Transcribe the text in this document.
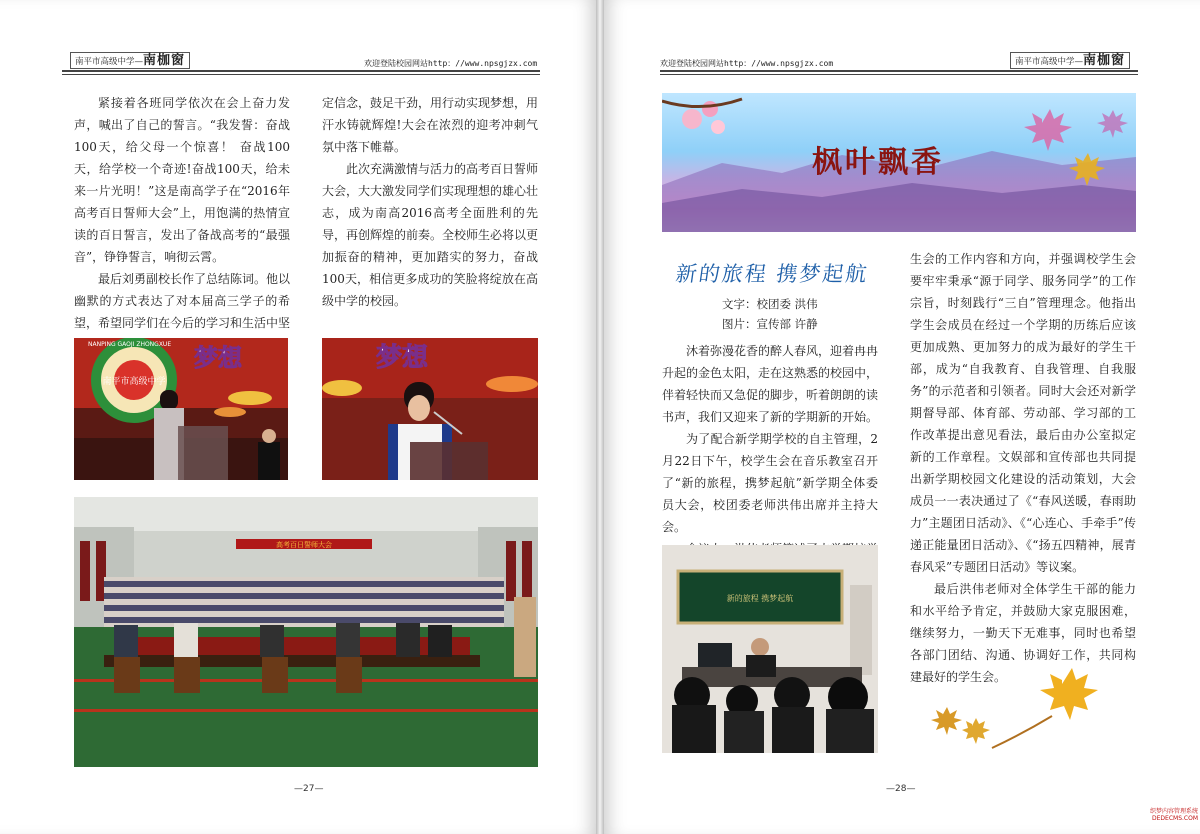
南平市高级中学—南枷窗	欢迎登陆校园网站http：//www.npsgjzx.com

紧接着各班同学依次在会上奋力发声，喊出了自己的誓言。“我发誓：奋战100天，给父母一个惊喜！ 奋战100天，给学校一个奇迹!奋战100天，给未来一片光明！”这是南高学子在“2016年高考百日誓师大会”上，用饱满的热情宣读的百日誓言，发出了备战高考的“最强音”，铮铮誓言，响彻云霄。

最后刘勇副校长作了总结陈词。他以幽默的方式表达了对本届高三学子的希望，希望同学们在今后的学习和生活中坚

定信念，鼓足干劲，用行动实现梦想，用汗水铸就辉煌!大会在浓烈的迎考冲刺气氛中落下帷幕。

此次充满激情与活力的高考百日誓师大会，大大激发同学们实现理想的雄心壮志，成为南高2016高考全面胜利的先导，再创辉煌的前奏。全校师生必将以更加振奋的精神，更加踏实的努力，奋战100天，相信更多成功的笑脸将绽放在高级中学的校园。

南平市高级中学
NANPING GAOJI ZHONGXUE 梦想	梦想
高考百日誓师大会
—27—
欢迎登陆校园网站http：//www.npsgjzx.com	南平市高级中学—南枷窗
枫叶飘香
新的旅程 携梦起航
文字：校团委 洪伟
图片：宣传部 许静

沐着弥漫花香的醉人春风，迎着冉冉升起的金色太阳，走在这熟悉的校园中，伴着轻快而又急促的脚步，听着朗朗的读书声，我们又迎来了新的学期新的开始。

为了配合新学期学校的自主管理，2月22日下午，校学生会在音乐教室召开了“新的旅程，携梦起航”新学期全体委员大会，校团委老师洪伟出席并主持大会。

生会的工作内容和方向，并强调校学生会要牢牢秉承“源于同学、服务同学”的工作宗旨，时刻践行“三自”管理理念。他指出学生会成员在经过一个学期的历练后应该更加成熟、更加努力的成为最好的学生干部，成为“自我教育、自我管理、自我服务”的示范者和引领者。同时大会还对新学期督导部、体育部、劳动部、学习部的工作改革提出意见看法，最后由办公室拟定新的工作章程。文娱部和宣传部也共同提出新学期校园文化建设的活动策划，大会成员一一表决通过了《“春风送暖，春雨助力”主题团日活动》、《“心连心、手牵手”传递正能量团日活动》、《“扬五四精神，展青春风采”专题团日活动》等议案。

最后洪伟老师对全体学生干部的能力和水平给予肯定，并鼓励大家克服困难，继续努力，一勤天下无难事，同时也希望各部门团结、沟通、协调好工作，共同构建最好的学生会。

新的旅程 携梦起航
—28—
织梦内容管理系统
DEDECMS.COM
